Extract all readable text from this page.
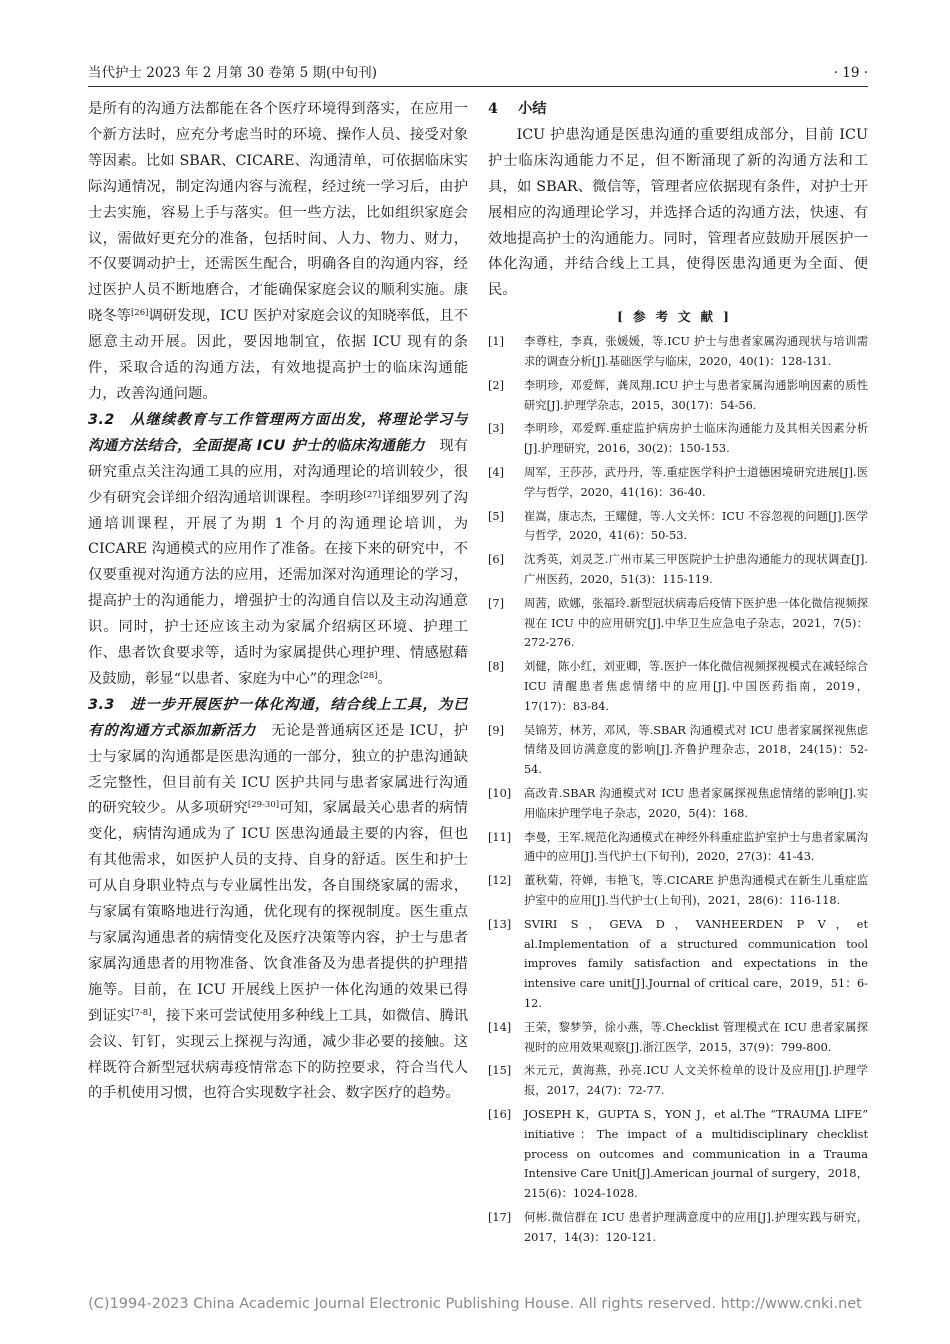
当代护士 2023 年 2 月第 30 卷第 5 期(中旬刊)	· 19 ·

是所有的沟通方法都能在各个医疗环境得到落实，在应用一个新方法时，应充分考虑当时的环境、操作人员、接受对象等因素。比如 SBAR、CICARE、沟通清单，可依据临床实际沟通情况，制定沟通内容与流程，经过统一学习后，由护士去实施，容易上手与落实。但一些方法，比如组织家庭会议，需做好更充分的准备，包括时间、人力、物力、财力，不仅要调动护士，还需医生配合，明确各自的沟通内容，经过医护人员不断地磨合，才能确保家庭会议的顺利实施。康晓冬等[26]调研发现，ICU 医护对家庭会议的知晓率低，且不愿意主动开展。因此，要因地制宜，依据 ICU 现有的条件，采取合适的沟通方法，有效地提高护士的临床沟通能力，改善沟通问题。

3.2　 从继续教育与工作管理两方面出发，将理论学习与沟通方法结合，全面提高 ICU 护士的临床沟通能力　 现有研究重点关注沟通工具的应用，对沟通理论的培训较少，很少有研究会详细介绍沟通培训课程。李明珍[27]详细罗列了沟通培训课程，开展了为期 1 个月的沟通理论培训，为 CICARE 沟通模式的应用作了准备。在接下来的研究中，不仅要重视对沟通方法的应用，还需加深对沟通理论的学习，提高护士的沟通能力，增强护士的沟通自信以及主动沟通意识。同时，护士还应该主动为家属介绍病区环境、护理工作、患者饮食要求等，适时为家属提供心理护理、情感慰藉及鼓励，彰显“以患者、家庭为中心”的理念[28]。

3.3　 进一步开展医护一体化沟通，结合线上工具，为已有的沟通方式添加新活力　 无论是普通病区还是 ICU，护士与家属的沟通都是医患沟通的一部分，独立的护患沟通缺乏完整性，但目前有关 ICU 医护共同与患者家属进行沟通的研究较少。从多项研究[29-30]可知，家属最关心患者的病情变化，病情沟通成为了 ICU 医患沟通最主要的内容，但也有其他需求，如医护人员的支持、自身的舒适。医生和护士可从自身职业特点与专业属性出发，各自围绕家属的需求，与家属有策略地进行沟通，优化现有的探视制度。医生重点与家属沟通患者的病情变化及医疗决策等内容，护士与患者家属沟通患者的用物准备、饮食准备及为患者提供的护理措施等。目前，在 ICU 开展线上医护一体化沟通的效果已得到证实[7-8]，接下来可尝试使用多种线上工具，如微信、腾讯会议、钉钉，实现云上探视与沟通，减少非必要的接触。这样既符合新型冠状病毒疫情常态下的防控要求，符合当代人的手机使用习惯，也符合实现数字社会、数字医疗的趋势。

4 小结

ICU 护患沟通是医患沟通的重要组成部分，目前 ICU 护士临床沟通能力不足，但不断涌现了新的沟通方法和工具，如 SBAR、微信等，管理者应依据现有条件，对护士开展相应的沟通理论学习，并选择合适的沟通方法，快速、有效地提高护士的沟通能力。同时，管理者应鼓励开展医护一体化沟通，并结合线上工具，使得医患沟通更为全面、便民。

[参考文献]
[1] 李尊柱，李真，张媛媛，等.ICU 护士与患者家属沟通现状与培训需求的调查分析[J].基础医学与临床，2020，40(1)：128-131.
[2] 李明珍，邓爱辉，龚凤翔.ICU 护士与患者家属沟通影响因素的质性研究[J].护理学杂志，2015，30(17)：54-56.
[3] 李明珍，邓爱辉.重症监护病房护士临床沟通能力及其相关因素分析[J].护理研究，2016，30(2)：150-153.
[4] 周军，王莎莎，武丹丹，等.重症医学科护士道德困境研究进展[J].医学与哲学，2020，41(16)：36-40.
[5] 崔嵩，康志杰，王耀健，等.人文关怀：ICU 不容忽视的问题[J].医学与哲学，2020，41(6)：50-53.
[6] 沈秀英，刘灵芝.广州市某三甲医院护士护患沟通能力的现状调查[J].广州医药，2020，51(3)：115-119.
[7] 周茜，欧娜，张福玲.新型冠状病毒后疫情下医护患一体化微信视频探视在 ICU 中的应用研究[J].中华卫生应急电子杂志，2021，7(5)：272-276.
[8] 刘健，陈小红，刘亚卿，等.医护一体化微信视频探视模式在减轻综合 ICU 清醒患者焦虑情绪中的应用[J].中国医药指南，2019，17(17)：83-84.
[9] 吴锦芳，林芳，邓风，等.SBAR 沟通模式对 ICU 患者家属探视焦虑情绪及回访满意度的影响[J].齐鲁护理杂志，2018，24(15)：52-54.
[10] 高改青.SBAR 沟通模式对 ICU 患者家属探视焦虑情绪的影响[J].实用临床护理学电子杂志，2020，5(4)：168.
[11] 李曼，王军.规范化沟通模式在神经外科重症监护室护士与患者家属沟通中的应用[J].当代护士(下旬刊)，2020，27(3)：41-43.
[12] 董秋菊，符婵，韦艳飞，等.CICARE 护患沟通模式在新生儿重症监护室中的应用[J].当代护士(上旬刊)，2021，28(6)：116-118.
[13] SVIRI S，GEVA D，VANHEERDEN P V，et al.Implementation of a structured communication tool improves family satisfaction and expectations in the intensive care unit[J].Journal of critical care，2019，51：6-12.
[14] 王荣，黎梦笋，徐小燕，等.Checklist 管理模式在 ICU 患者家属探视时的应用效果观察[J].浙江医学，2015，37(9)：799-800.
[15] 米元元，黄海燕，孙亮.ICU 人文关怀检单的设计及应用[J].护理学报，2017，24(7)：72-77.
[16] JOSEPH K，GUPTA S，YON J，et al.The “TRAUMA LIFE” initiative：The impact of a multidisciplinary checklist process on outcomes and communication in a Trauma Intensive Care Unit[J].American journal of surgery，2018，215(6)：1024-1028.
[17] 何彬.微信群在 ICU 患者护理满意度中的应用[J].护理实践与研究，2017，14(3)：120-121.
(C)1994-2023 China Academic Journal Electronic Publishing House. All rights reserved. http://www.cnki.net
